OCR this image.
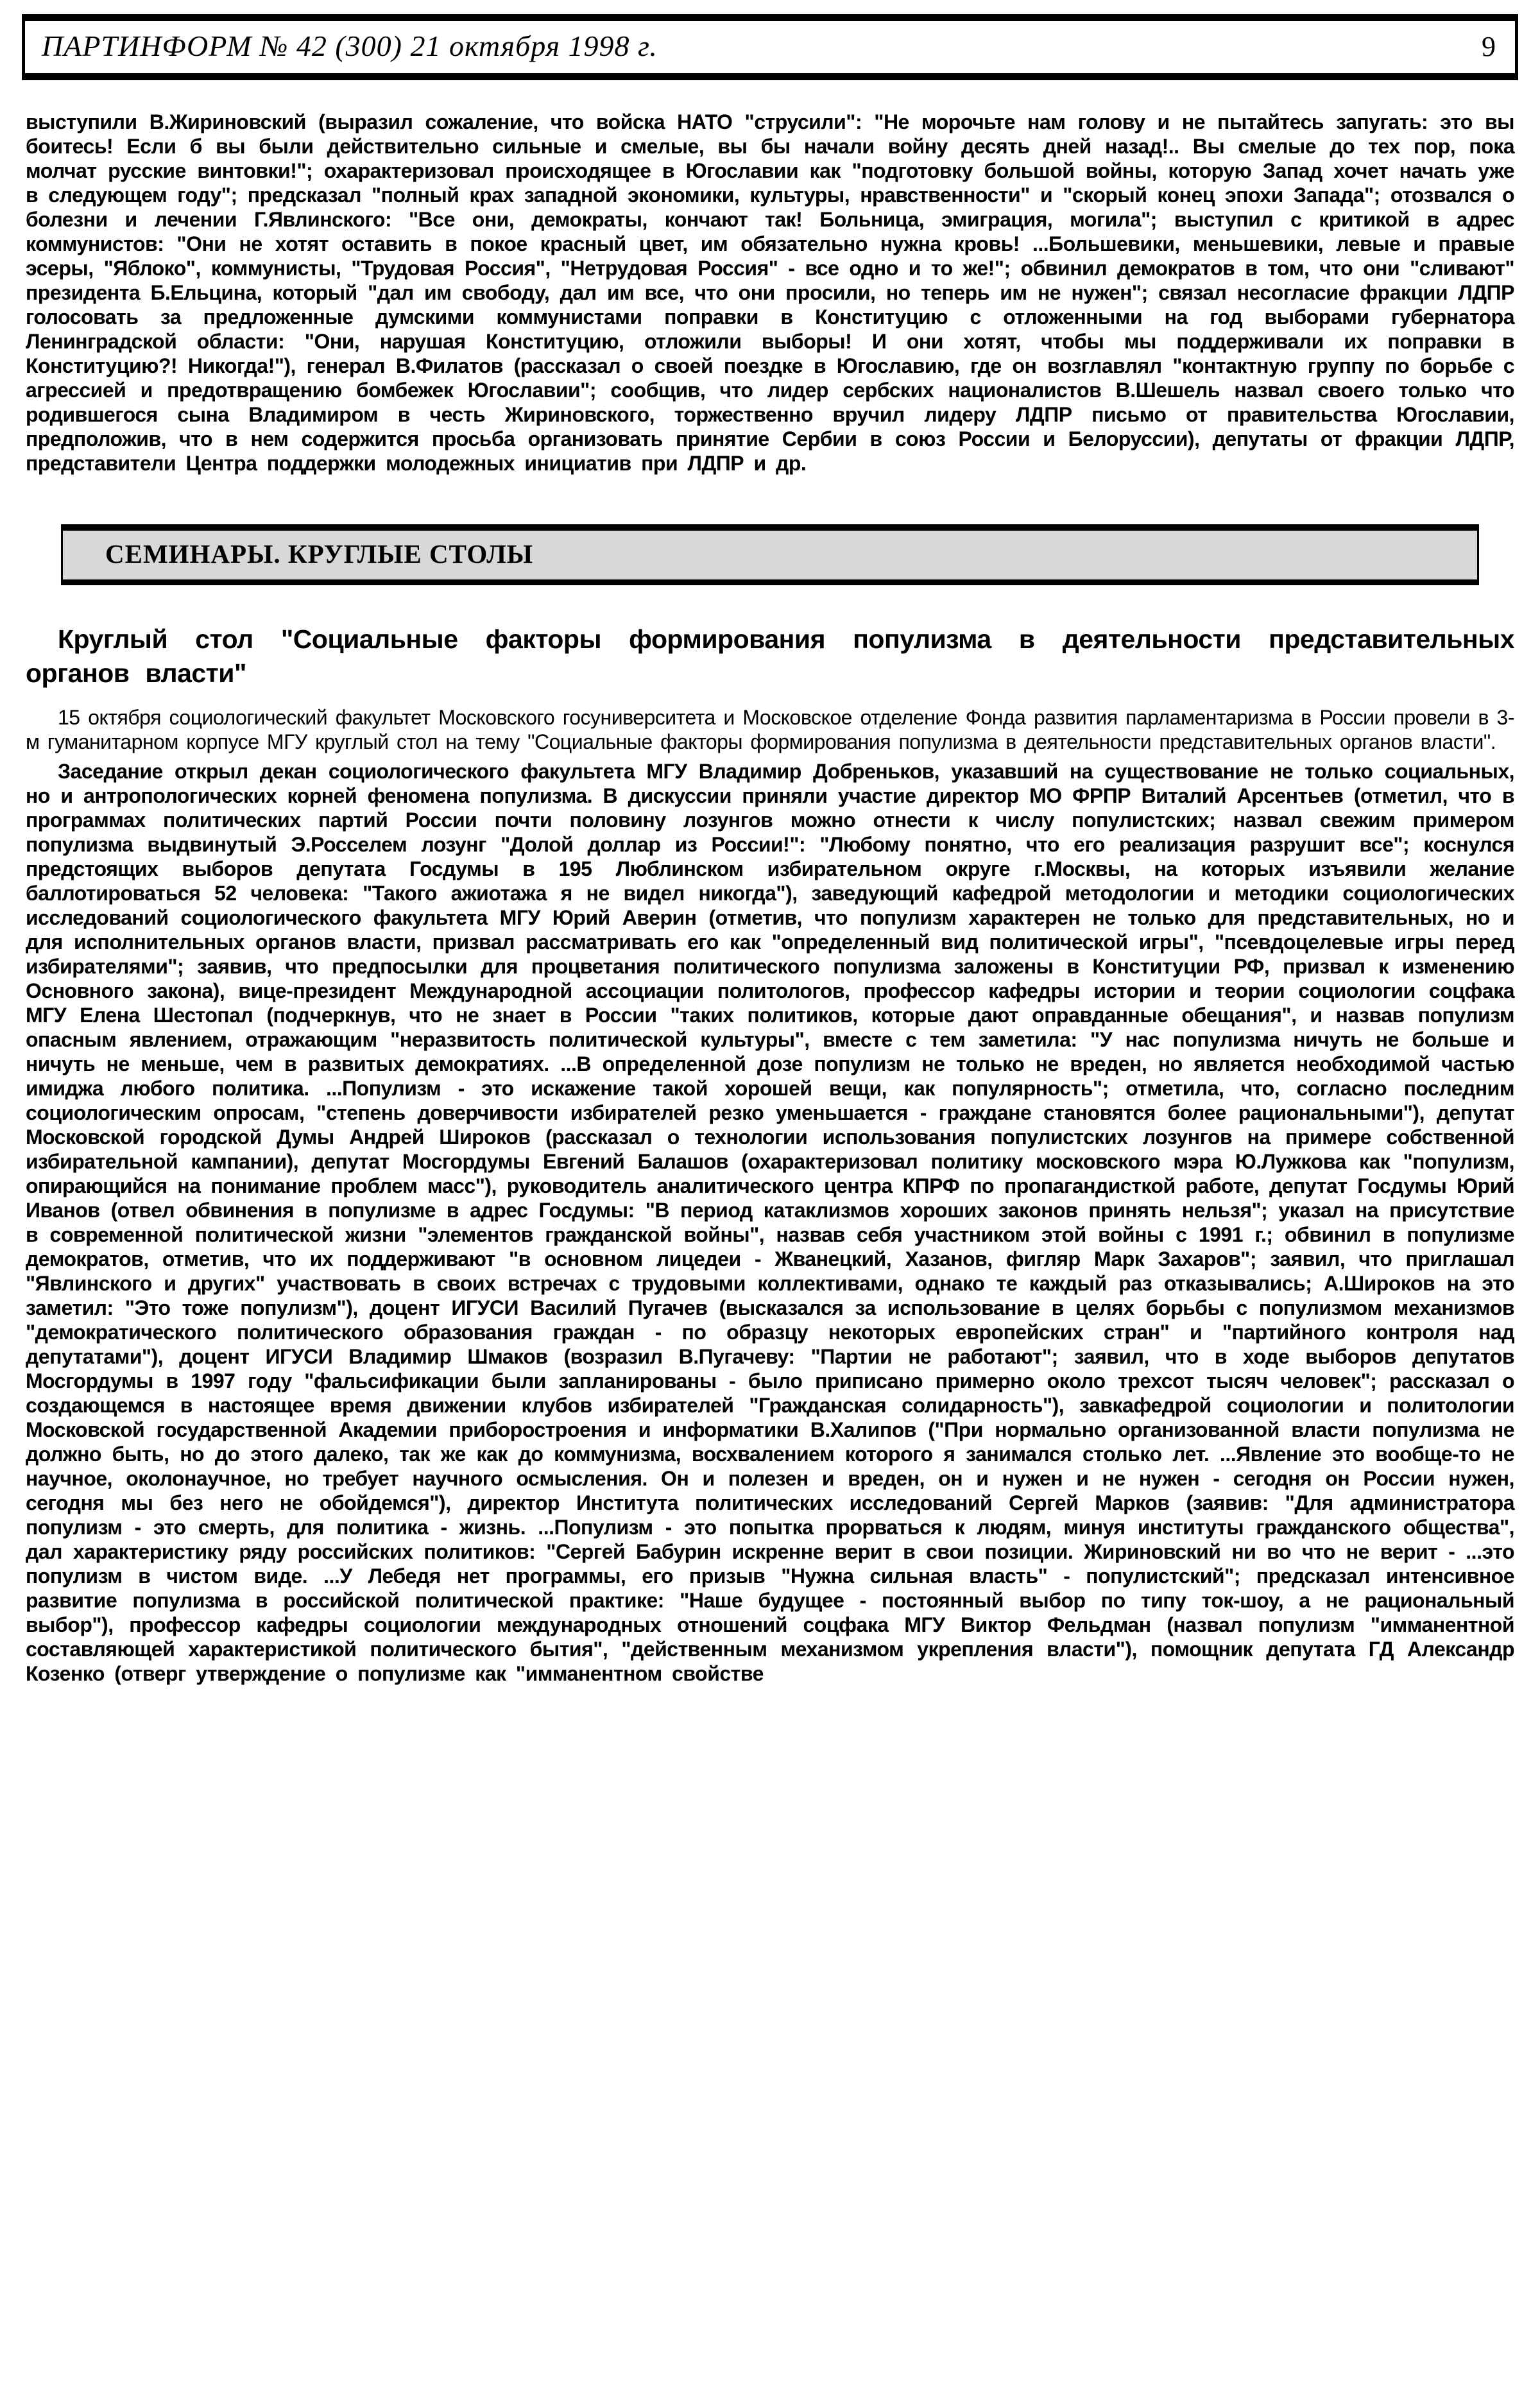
ПАРТИНФОРМ № 42 (300) 21 октября 1998 г.	9

выступили В.Жириновский (выразил сожаление, что войска НАТО "струсили": "Не морочьте нам голову и не пытайтесь запугать: это вы боитесь! Если б вы были действительно сильные и смелые, вы бы начали войну десять дней назад!.. Вы смелые до тех пор, пока молчат русские винтовки!"; охарактеризовал происходящее в Югославии как "подготовку большой войны, которую Запад хочет начать уже в следующем году"; предсказал "полный крах западной экономики, культуры, нравственности" и "скорый конец эпохи Запада"; отозвался о болезни и лечении Г.Явлинского: "Все они, демократы, кончают так! Больница, эмиграция, могила"; выступил с критикой в адрес коммунистов: "Они не хотят оставить в покое красный цвет, им обязательно нужна кровь! ...Большевики, меньшевики, левые и правые эсеры, "Яблоко", коммунисты, "Трудовая Россия", "Нетрудовая Россия" - все одно и то же!"; обвинил демократов в том, что они "сливают" президента Б.Ельцина, который "дал им свободу, дал им все, что они просили, но теперь им не нужен"; связал несогласие фракции ЛДПР голосовать за предложенные думскими коммунистами поправки в Конституцию с отложенными на год выборами губернатора Ленинградской области: "Они, нарушая Конституцию, отложили выборы! И они хотят, чтобы мы поддерживали их поправки в Конституцию?! Никогда!"), генерал В.Филатов (рассказал о своей поездке в Югославию, где он возглавлял "контактную группу по борьбе с агрессией и предотвращению бомбежек Югославии"; сообщив, что лидер сербских националистов В.Шешель назвал своего только что родившегося сына Владимиром в честь Жириновского, торжественно вручил лидеру ЛДПР письмо от правительства Югославии, предположив, что в нем содержится просьба организовать принятие Сербии в союз России и Белоруссии), депутаты от фракции ЛДПР, представители Центра поддержки молодежных инициатив при ЛДПР и др.

СЕМИНАРЫ. КРУГЛЫЕ СТОЛЫ
Круглый стол "Социальные факторы формирования популизма в деятельности представительных органов власти"

15 октября социологический факультет Московского госуниверситета и Московское отделение Фонда развития парламентаризма в России провели в 3-м гуманитарном корпусе МГУ круглый стол на тему "Социальные факторы формирования популизма в деятельности представительных органов власти".

Заседание открыл декан социологического факультета МГУ Владимир Добреньков, указавший на существование не только социальных, но и антропологических корней феномена популизма. В дискуссии приняли участие директор МО ФРПР Виталий Арсентьев (отметил, что в программах политических партий России почти половину лозунгов можно отнести к числу популистских; назвал свежим примером популизма выдвинутый Э.Росселем лозунг "Долой доллар из России!": "Любому понятно, что его реализация разрушит все"; коснулся предстоящих выборов депутата Госдумы в 195 Люблинском избирательном округе г.Москвы, на которых изъявили желание баллотироваться 52 человека: "Такого ажиотажа я не видел никогда"), заведующий кафедрой методологии и методики социологических исследований социологического факультета МГУ Юрий Аверин (отметив, что популизм характерен не только для представительных, но и для исполнительных органов власти, призвал рассматривать его как "определенный вид политической игры", "псевдоцелевые игры перед избирателями"; заявив, что предпосылки для процветания политического популизма заложены в Конституции РФ, призвал к изменению Основного закона), вице-президент Международной ассоциации политологов, профессор кафедры истории и теории социологии соцфака МГУ Елена Шестопал (подчеркнув, что не знает в России "таких политиков, которые дают оправданные обещания", и назвав популизм опасным явлением, отражающим "неразвитость политической культуры", вместе с тем заметила: "У нас популизма ничуть не больше и ничуть не меньше, чем в развитых демократиях. ...В определенной дозе популизм не только не вреден, но является необходимой частью имиджа любого политика. ...Популизм - это искажение такой хорошей вещи, как популярность"; отметила, что, согласно последним социологическим опросам, "степень доверчивости избирателей резко уменьшается - граждане становятся более рациональными"), депутат Московской городской Думы Андрей Широков (рассказал о технологии использования популистских лозунгов на примере собственной избирательной кампании), депутат Мосгордумы Евгений Балашов (охарактеризовал политику московского мэра Ю.Лужкова как "популизм, опирающийся на понимание проблем масс"), руководитель аналитического центра КПРФ по пропагандисткой работе, депутат Госдумы Юрий Иванов (отвел обвинения в популизме в адрес Госдумы: "В период катаклизмов хороших законов принять нельзя"; указал на присутствие в современной политической жизни "элементов гражданской войны", назвав себя участником этой войны с 1991 г.; обвинил в популизме демократов, отметив, что их поддерживают "в основном лицедеи - Жванецкий, Хазанов, фигляр Марк Захаров"; заявил, что приглашал "Явлинского и других" участвовать в своих встречах с трудовыми коллективами, однако те каждый раз отказывались; А.Широков на это заметил: "Это тоже популизм"), доцент ИГУСИ Василий Пугачев (высказался за использование в целях борьбы с популизмом механизмов "демократического политического образования граждан - по образцу некоторых европейских стран" и "партийного контроля над депутатами"), доцент ИГУСИ Владимир Шмаков (возразил В.Пугачеву: "Партии не работают"; заявил, что в ходе выборов депутатов Мосгордумы в 1997 году "фальсификации были запланированы - было приписано примерно около трехсот тысяч человек"; рассказал о создающемся в настоящее время движении клубов избирателей "Гражданская солидарность"), завкафедрой социологии и политологии Московской государственной Академии приборостроения и информатики В.Халипов ("При нормально организованной власти популизма не должно быть, но до этого далеко, так же как до коммунизма, восхвалением которого я занимался столько лет. ...Явление это вообще-то не научное, околонаучное, но требует научного осмысления. Он и полезен и вреден, он и нужен и не нужен - сегодня он России нужен, сегодня мы без него не обойдемся"), директор Института политических исследований Сергей Марков (заявив: "Для администратора популизм - это смерть, для политика - жизнь. ...Популизм - это попытка прорваться к людям, минуя институты гражданского общества", дал характеристику ряду российских политиков: "Сергей Бабурин искренне верит в свои позиции. Жириновский ни во что не верит - ...это популизм в чистом виде. ...У Лебедя нет программы, его призыв "Нужна сильная власть" - популистский"; предсказал интенсивное развитие популизма в российской политической практике: "Наше будущее - постоянный выбор по типу ток-шоу, а не рациональный выбор"), профессор кафедры социологии международных отношений соцфака МГУ Виктор Фельдман (назвал популизм "имманентной составляющей характеристикой политического бытия", "действенным механизмом укрепления власти"), помощник депутата ГД Александр Козенко (отверг утверждение о популизме как "имманентном свойстве
